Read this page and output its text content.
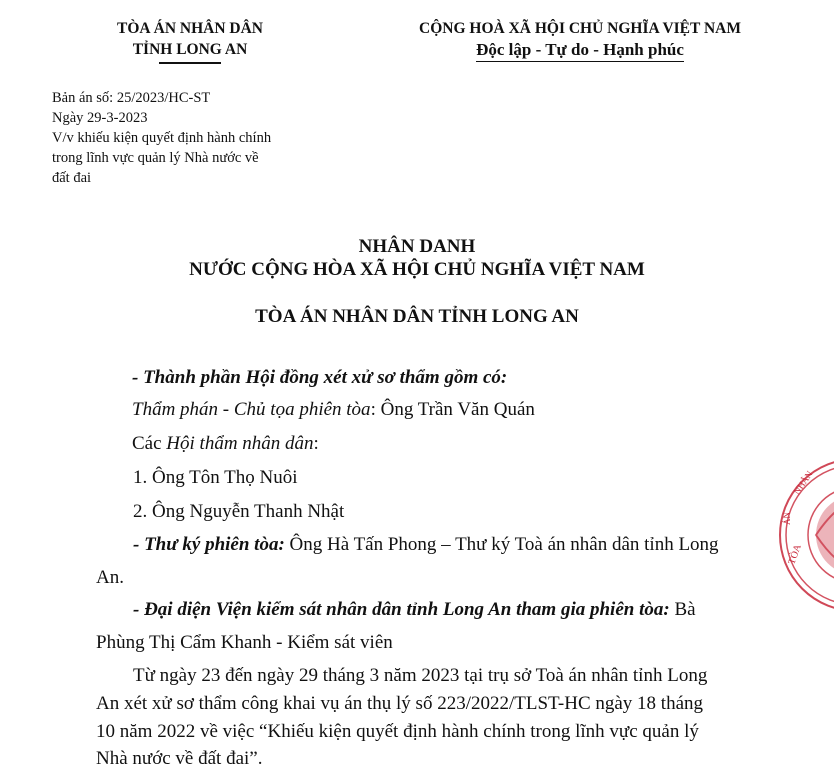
TÒA ÁN NHÂN DÂN
TỈNH LONG AN
CỘNG HOÀ XÃ HỘI CHỦ NGHĨA VIỆT NAM
Độc lập - Tự do - Hạnh phúc
Bản án số: 25/2023/HC-ST
Ngày 29-3-2023
V/v khiếu kiện quyết định hành chính
trong lĩnh vực quản lý Nhà nước về
đất đai
NHÂN DANH
NƯỚC CỘNG HÒA XÃ HỘI CHỦ NGHĨA VIỆT NAM
TÒA ÁN NHÂN DÂN TỈNH LONG AN
- Thành phần Hội đồng xét xử sơ thẩm gồm có:
Thẩm phán - Chủ tọa phiên tòa: Ông Trần Văn Quán
Các Hội thẩm nhân dân:
1. Ông Tôn Thọ Nuôi
2. Ông Nguyễn Thanh Nhật
- Thư ký phiên tòa: Ông Hà Tấn Phong – Thư ký Toà án nhân dân tỉnh Long
An.
- Đại diện Viện kiểm sát nhân dân tỉnh Long An tham gia phiên tòa: Bà
Phùng Thị Cẩm Khanh - Kiểm sát viên
Từ ngày 23 đến ngày 29 tháng 3 năm 2023 tại trụ sở Toà án nhân tỉnh Long
An xét xử sơ thẩm công khai vụ án thụ lý số 223/2022/TLST-HC ngày 18 tháng
10 năm 2022 về việc “Khiếu kiện quyết định hành chính trong lĩnh vực quản lý
Nhà nước về đất đai”.
TÒA
ÁN
NHÂN
